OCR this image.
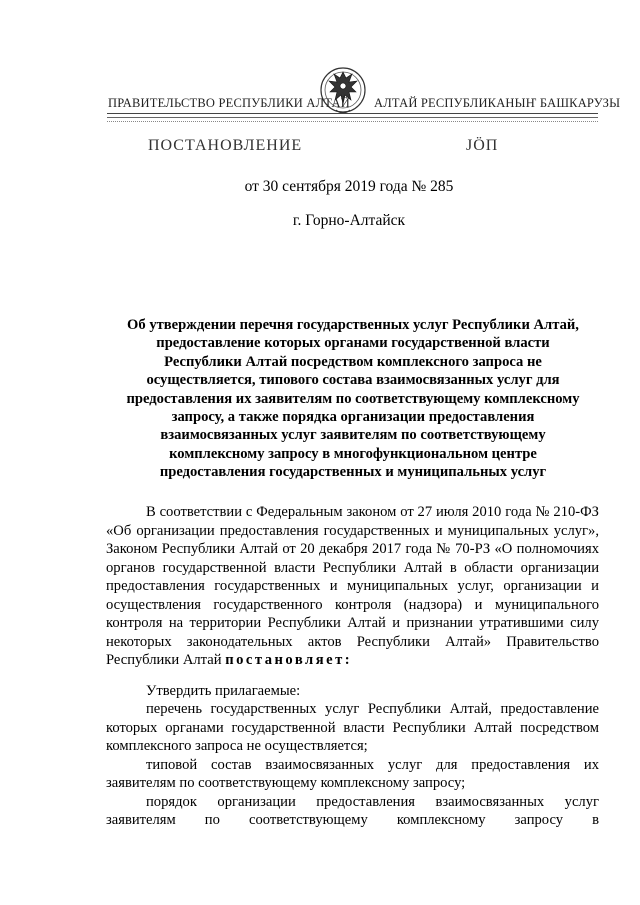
ПРАВИТЕЛЬСТВО РЕСПУБЛИКИ АЛТАЙ АЛТАЙ РЕСПУБЛИКАНЫҤ БАШКАРУЗЫ
ПОСТАНОВЛЕНИЕ	ЈӦП
от 30 сентября 2019 года № 285
г. Горно-Алтайск
Об утверждении перечня государственных услуг Республики Алтай,
предоставление которых органами государственной власти
Республики Алтай посредством комплексного запроса не
осуществляется, типового состава взаимосвязанных услуг для
предоставления их заявителям по соответствующему комплексному
запросу, а также порядка организации предоставления
взаимосвязанных услуг заявителям по соответствующему
комплексному запросу в многофункциональном центре
предоставления государственных и муниципальных услуг
В соответствии с Федеральным законом от 27 июля 2010 года № 210-ФЗ «Об организации предоставления государственных и муниципальных услуг», Законом Республики Алтай от 20 декабря 2017 года № 70-РЗ «О полномочиях органов государственной власти Республики Алтай в области организации предоставления государственных и муниципальных услуг, организации и осуществления государственного контроля (надзора) и муниципального контроля на территории Республики Алтай и признании утратившими силу некоторых законодательных актов Республики Алтай» Правительство Республики Алтай постановляет:
Утвердить прилагаемые:
перечень государственных услуг Республики Алтай, предоставление которых органами государственной власти Республики Алтай посредством комплексного запроса не осуществляется;
типовой состав взаимосвязанных услуг для предоставления их заявителям по соответствующему комплексному запросу;
порядок организации предоставления взаимосвязанных услуг заявителям по соответствующему комплексному запросу в
